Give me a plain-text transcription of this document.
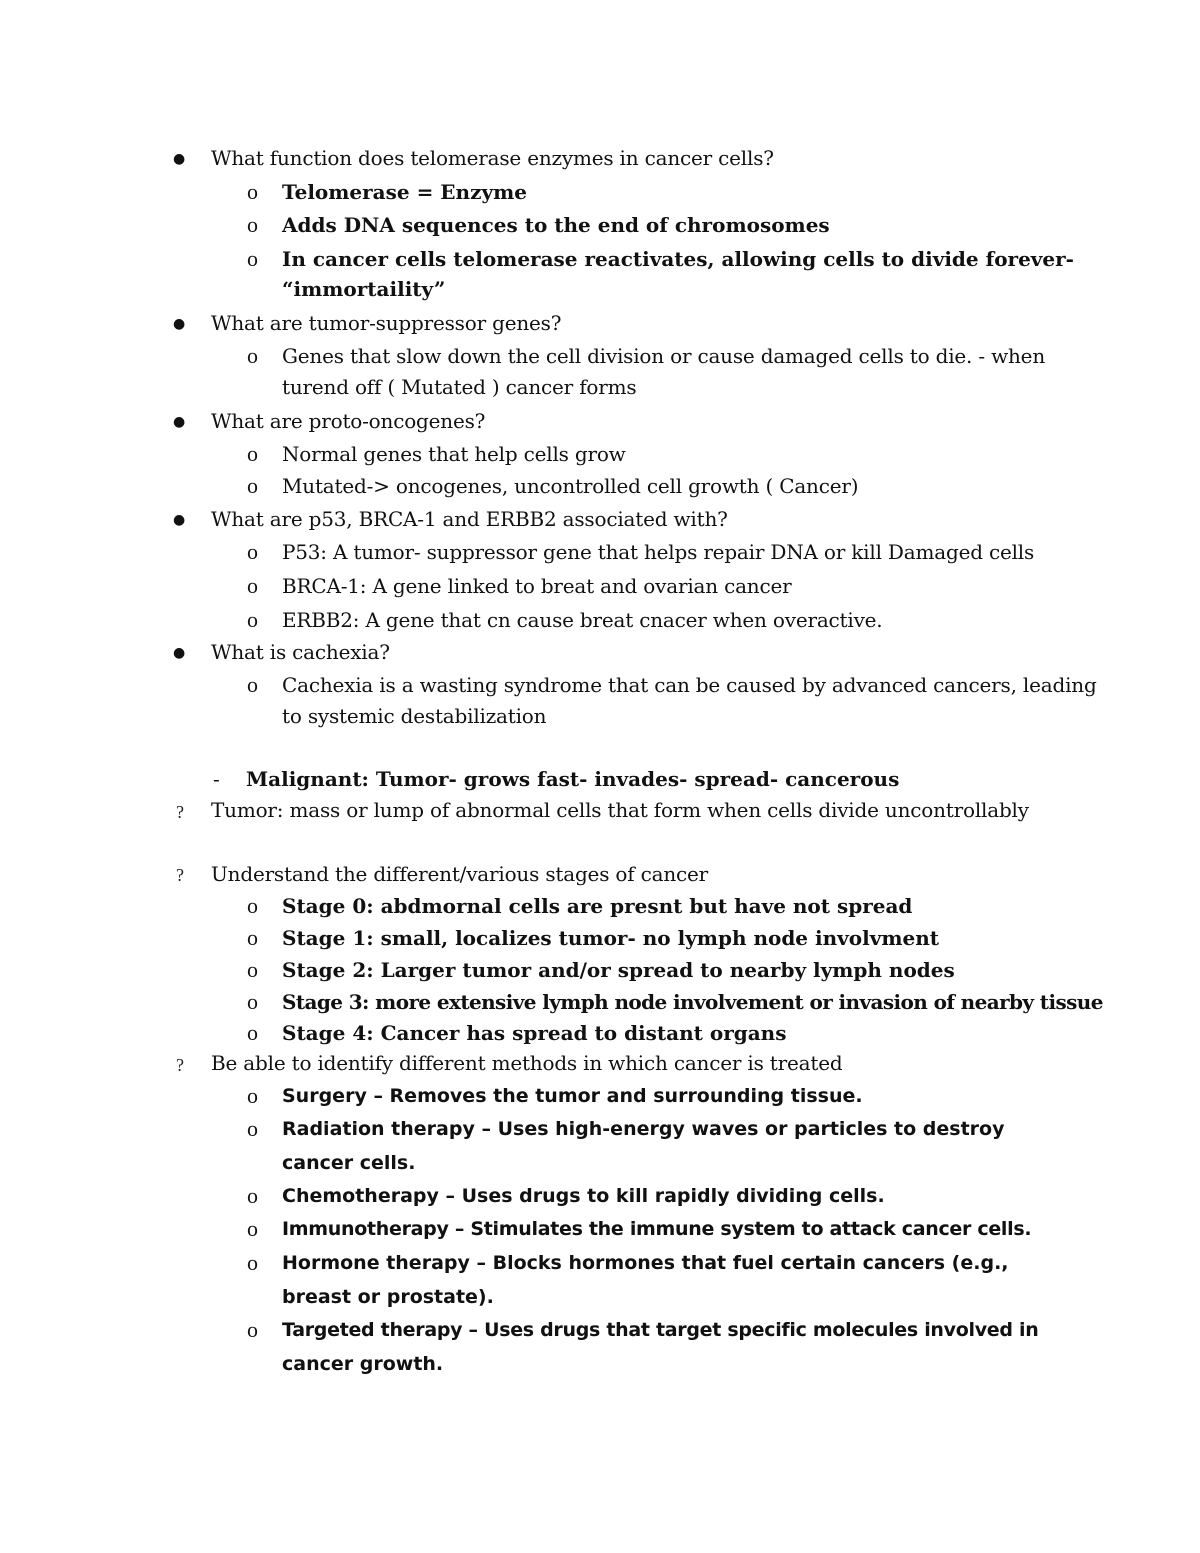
●	What function does telomerase enzymes in cancer cells?
o	Telomerase = Enzyme
o	Adds DNA sequences to the end of chromosomes
o	In cancer cells telomerase reactivates, allowing cells to divide forever-
“immortaility”
●	What are tumor-suppressor genes?
o	Genes that slow down the cell division or cause damaged cells to die. - when
turend off ( Mutated ) cancer forms
●	What are proto-oncogenes?
o	Normal genes that help cells grow
o	Mutated-> oncogenes, uncontrolled cell growth ( Cancer)
●	What are p53, BRCA-1 and ERBB2 associated with?
o	P53: A tumor- suppressor gene that helps repair DNA or kill Damaged cells
o	BRCA-1: A gene linked to breat and ovarian cancer
o	ERBB2: A gene that cn cause breat cnacer when overactive.
●	What is cachexia?
o	Cachexia is a wasting syndrome that can be caused by advanced cancers, leading
to systemic destabilization
-	Malignant: Tumor- grows fast- invades- spread- cancerous
?	Tumor: mass or lump of abnormal cells that form when cells divide uncontrollably
?	Understand the different/various stages of cancer
o	Stage 0: abdmornal cells are presnt but have not spread
o	Stage 1: small, localizes tumor- no lymph node involvment
o	Stage 2: Larger tumor and/or spread to nearby lymph nodes
o	Stage 3: more extensive lymph node involvement or invasion of nearby tissue
o	Stage 4: Cancer has spread to distant organs
?	Be able to identify different methods in which cancer is treated
o	Surgery – Removes the tumor and surrounding tissue.
o	Radiation therapy – Uses high-energy waves or particles to destroy
cancer cells.
o	Chemotherapy – Uses drugs to kill rapidly dividing cells.
o	Immunotherapy – Stimulates the immune system to attack cancer cells.
o	Hormone therapy – Blocks hormones that fuel certain cancers (e.g.,
breast or prostate).
o	Targeted therapy – Uses drugs that target specific molecules involved in
cancer growth.
